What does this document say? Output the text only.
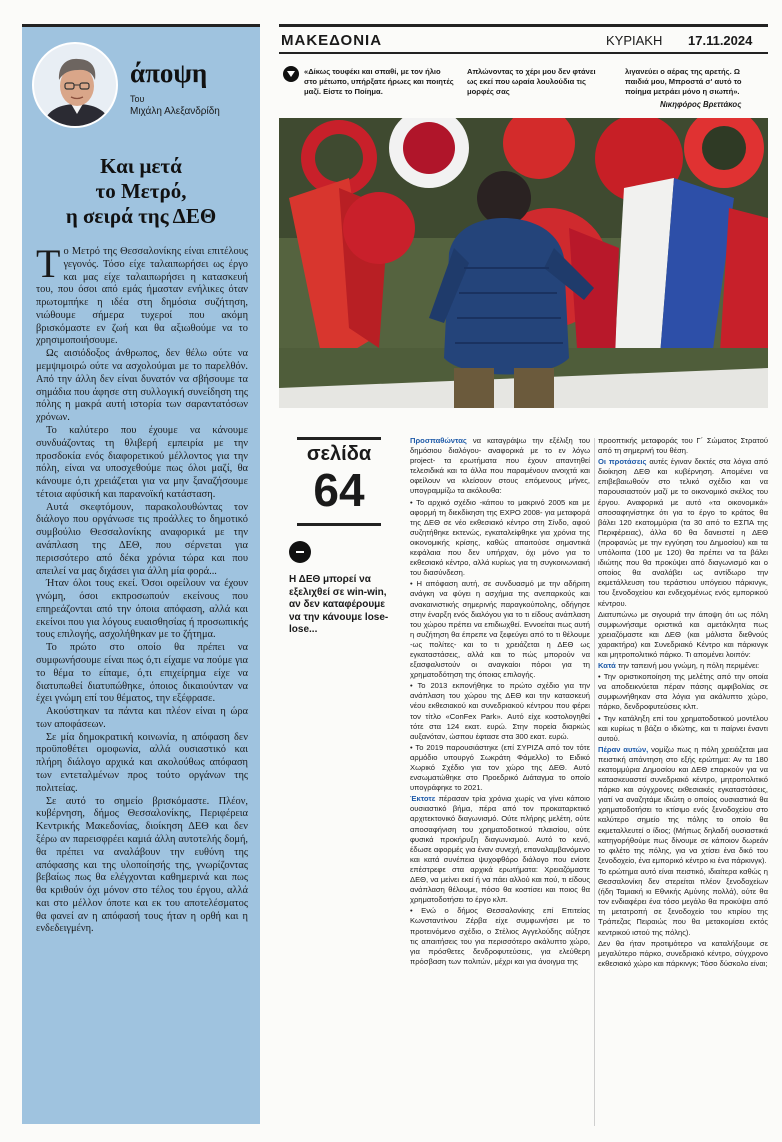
άποψη
Του
Μιχάλη Αλεξανδρίδη
Και μετά
το Μετρό,
η σειρά της ΔΕΘ

Το Μετρό της Θεσσαλονίκης είναι επιτέλους γεγονός. Τόσο είχε ταλαιπωρήσει ως έργο και μας είχε ταλαιπωρήσει η κατασκευή του, που όσοι από εμάς ήμασταν ενήλικες όταν πρωτομπήκε η ιδέα στη δημόσια συζήτηση, νιώθουμε σήμερα τυχεροί που ακόμη βρισκόμαστε εν ζωή και θα αξιωθούμε να το χρησιμοποιήσουμε.

Ως αισιόδοξος άνθρωπος, δεν θέλω ούτε να μεμψιμοιρώ ούτε να ασχολούμαι με το παρελθόν. Από την άλλη δεν είναι δυνατόν να σβήσουμε τα σημάδια που άφησε στη συλλογική συνείδηση της πόλης η μακρά αυτή ιστορία των σαραντατόσων χρόνων.

Το καλύτερο που έχουμε να κάνουμε συνδυάζοντας τη θλιβερή εμπειρία με την προσδοκία ενός διαφορετικού μέλλοντος για την πόλη, είναι να υποσχεθούμε πως όλοι μαζί, θα κάνουμε ό,τι χρειάζεται για να μην ξαναζήσουμε τέτοια αφύσική και παρανοϊκή κατάσταση.

Αυτά σκεφτόμουν, παρακολουθώντας τον διάλογο που οργάνωσε τις προάλλες το δημοτικό συμβούλιο Θεσσαλονίκης αναφορικά με την ανάπλαση της ΔΕΘ, που σέρνεται για περισσότερο από δέκα χρόνια τώρα και που απειλεί να μας διχάσει για άλλη μία φορά...

Ήταν όλοι τους εκεί. Όσοι οφείλουν να έχουν γνώμη, όσοι εκπροσωπούν εκείνους που επηρεάζονται από την όποια απόφαση, αλλά και εκείνοι που για λόγους ευαισθησίας ή προσωπικής τους επιλογής, ασχολήθηκαν με το ζήτημα.

Το πρώτο στο οποίο θα πρέπει να συμφωνήσουμε είναι πως ό,τι είχαμε να πούμε για το θέμα το είπαμε, ό,τι επιχείρημα είχε να διατυπωθεί διατυπώθηκε, όποιος δικαιούνταν να έχει γνώμη επί του θέματος, την εξέφρασε.

Ακούστηκαν τα πάντα και πλέον είναι η ώρα των αποφάσεων.

Σε μία δημοκρατική κοινωνία, η απόφαση δεν προϋποθέτει ομοφωνία, αλλά ουσιαστικό και πλήρη διάλογο αρχικά και ακολούθως απόφαση των εντεταλμένων προς τούτο οργάνων της πολιτείας.

Σε αυτό το σημείο βρισκόμαστε. Πλέον, κυβέρνηση, δήμος Θεσσαλονίκης, Περιφέρεια Κεντρικής Μακεδονίας, διοίκηση ΔΕΘ και δεν ξέρω αν παρεισφρέει καμιά άλλη αυτοτελής δομή, θα πρέπει να αναλάβουν την ευθύνη της απόφασης και της υλοποίησής της, γνωρίζοντας βεβαίως πως θα ελέγχονται καθημερινά και πως θα κριθούν όχι μόνον στο τέλος του έργου, αλλά και στο μέλλον όποτε και εκ του αποτελέσματος θα φανεί αν η απόφασή τους ήταν η ορθή και η ενδεδειγμένη.

ΜΑΚΕΔΟΝΙΑ	ΚΥΡΙΑΚΗ 17.11.2024
«Δίκως τουφέκι και σπαθί, με τον ήλιο στο μέτωπο, υπήρξατε ήρωες και ποιητές μαζί. Είστε το Ποίημα.
Απλώνοντας το χέρι μου δεν φτάνει ως εκεί που ωραία λουλούδια τις μορφές σας
λιγανεύει ο αέρας της αρετής. Ω παιδιά μου, Μπροστά σ' αυτό το ποίημα μετράει μόνο η σιωπή».
Νικηφόρος Βρεττάκος
σελίδα
64
Η ΔΕΘ μπορεί να εξελιχθεί σε win-win, αν δεν καταφέρουμε να την κάνουμε lose-lose...

Προσπαθώντας να καταγράψω την εξέλιξη του δημόσιου διαλόγου- αναφορικά με το εν λόγω project- τα ερωτήματα που έχουν απαντηθεί τελεσιδικά και τα άλλα που παραμένουν ανοιχτά και οφείλουν να κλείσουν στους επόμενους μήνες, υπογραμμίζω τα ακόλουθα:

• Το αρχικό σχέδιο -κάπου το μακρινό 2005 και με αφορμή τη διεκδίκηση της EXPO 2008- για μεταφορά της ΔΕΘ σε νέο εκθεσιακό κέντρο στη Σίνδο, αφού συζητήθηκε εκτενώς, εγκαταλείφθηκε για χρόνια της οικονομικής κρίσης, καθώς απαιτούσε σημαντικά κεφάλαια που δεν υπήρχαν, όχι μόνο για το εκθεσιακό κέντρο, αλλά κυρίως για τη συγκοινωνιακή του διασύνδεση.

• Η απόφαση αυτή, σε συνδυασμό με την αδήριτη ανάγκη να φύγει η ασχήμια της ανεπαρκούς και ανακαινιστικής σημερινής παραγκούπολης, οδήγησε στην έναρξη ενός διαλόγου για το τι είδους ανάπλαση του χώρου πρέπει να επιδιωχθεί. Εννοείται πως αυτή η συζήτηση θα έπρεπε να ξεφεύγει από το τι θέλουμε -ως πολίτες- και το τι χρειάζεται η ΔΕΘ ως εγκαταστάσεις, αλλά και το πώς μπορούν να εξασφαλιστούν οι αναγκαίοι πόροι για τη χρηματοδότηση της όποιας επιλογής.

• Το 2013 εκπονήθηκε το πρώτο σχέδιο για την ανάπλαση του χώρου της ΔΕΘ και την κατασκευή νέου εκθεσιακού και συνεδριακού κέντρου που φέρει τον τίτλο «ConFex Park». Αυτό είχε κοστολογηθεί τότε στα 124 εκατ. ευρώ. Στην πορεία διαρκώς αυξανόταν, ώσπου έφτασε στα 300 εκατ. ευρώ.

• Το 2019 παρουσιάστηκε (επί ΣΥΡΙΖΑ από τον τότε αρμόδιο υπουργό Σωκράτη Φάμελλο) το Ειδικό Χωρικό Σχέδιο για τον χώρο της ΔΕΘ. Αυτό ενσωματώθηκε στο Προεδρικό Διάταγμα το οποίο υπογράφηκε το 2021.

Έκτοτε πέρασαν τρία χρόνια χωρίς να γίνει κάποιο ουσιαστικό βήμα, πέρα από τον προκαταρκτικό αρχιτεκτονικό διαγωνισμό. Ούτε πλήρης μελέτη, ούτε αποσαφήνιση του χρηματοδοτικού πλαισίου, ούτε φυσικά προκήρυξη διαγωνισμού. Αυτό το κενό, έδωσε αφορμές για έναν συνεχή, επαναλαμβανόμενο και κατά συνέπεια ψυχοφθόρο διάλογο που ενίοτε επέστρεφε στα αρχικά ερωτήματα: Χρειαζόμαστε ΔΕΘ, να μείνει εκεί ή να πάει αλλού και πού, τι είδους ανάπλαση θέλουμε, πόσο θα κοστίσει και ποιος θα χρηματοδοτήσει το έργο κλπ.

• Ενώ ο δήμος Θεσσαλονίκης επί Επιτείας Κωνσταντίνου Ζέρβα είχε συμφωνήσει με το προτεινόμενο σχέδιο, ο Στέλιος Αγγελούδης αύξησε τις απαιτήσεις του για περισσότερο ακάλυπτο χώρο, για πρόσθετες δενδροφυτεύσεις, για ελεύθερη πρόσβαση των πολιτών, μέχρι και για άνοιγμα της

προοπτικής μεταφοράς του Γ΄ Σώματος Στρατού από τη σημερινή του θέση.

Οι προτάσεις αυτές έγιναν δεκτές στα λόγια από διοίκηση ΔΕΘ και κυβέρνηση. Απομένει να επιβεβαιωθούν στο τελικό σχέδιο και να παρουσιαστούν μαζί με το οικονομικό σκέλος του έργου. Αναφορικά με αυτό «τα οικονομικά» αποσαφηνίστηκε ότι για το έργο το κράτος θα βάλει 120 εκατομμύρια (τα 30 από το ΕΣΠΑ της Περιφέρειας), άλλα 60 θα δανειστεί η ΔΕΘ (προφανώς με την εγγύηση του Δημοσίου) και τα υπόλοιπα (100 με 120) θα πρέπει να τα βάλει ιδιώτης που θα προκύψει από διαγωνισμό και ο οποίος θα αναλάβει ως αντίδωρο την εκμετάλλευση του τεράστιου υπόγειου πάρκινγκ, του ξενοδοχείου και ενδεχομένως ενός εμπορικού κέντρου.

Διατυπώνω με σιγουριά την άποψη ότι ως πόλη συμφωνήσαμε οριστικά και αμετάκλητα πως χρειαζόμαστε και ΔΕΘ (και μάλιστα διεθνούς χαρακτήρα) και Συνεδριακό Κέντρο και πάρκινγκ και μητροπολιτικό πάρκο. Τι απομένει λοιπόν:

Κατά την ταπεινή μου γνώμη, η πόλη περιμένει:

• Την οριστικοποίηση της μελέτης από την οποία να αποδεικνύεται πέραν πάσης αμφιβολίας σε συμφωνήθηκαν στα λόγια για ακάλυπτο χώρο, πάρκο, δενδροφυτεύσεις κλπ.

• Την κατάληξη επί του χρηματοδοτικού μοντέλου και κυρίως τι βάζει ο ιδιώτης, και τι παίρνει έναντι αυτού.

Πέραν αυτών, νομίζω πως η πόλη χρειάζεται μια πειστική απάντηση στο εξής ερώτημα: Αν τα 180 εκατομμύρια Δημοσίου και ΔΕΘ επαρκούν για να κατασκευαστεί συνεδριακό κέντρο, μητροπολιτικό πάρκο και σύγχρονες εκθεσιακές εγκαταστάσεις, γιατί να αναζητάμε ιδιώτη ο οποίος ουσιαστικά θα χρηματοδοτήσει το κτίσιμο ενός ξενοδοχείου στο καλύτερο σημείο της πόλης το οποίο θα εκμεταλλευτεί ο ίδιος; (Μήπως δηλαδή ουσιαστικά κατηγορήθούμε πως δίνουμε σε κάποιον δωρεάν το φιλέτο της πόλης, για να χτίσει ένα δικό του ξενοδοχείο, ένα εμπορικό κέντρο κι ένα πάρκινγκ).

Το ερώτημα αυτό είναι πειστικό, ιδιαίτερα καθώς η Θεσσαλονίκη δεν στερείται πλέον ξενοδοχείων (ήδη Ταμιακή κι Εθνικής Αμύνης πολλά), ούτε θα τον ενδιαφέρει ένα τόσο μεγάλο θα προκύψει από τη μετατροπή σε ξενοδοχείο του κτιρίου της Τράπεζας Πειραιώς που θα μετακομίσει εκτός κεντρικού ιστού της πόλης).

Δεν θα ήταν προτιμότερο να καταλήξουμε σε μεγαλύτερο πάρκο, συνεδριακό κέντρο, σύγχρονο εκθεσιακό χώρο και πάρκινγκ; Τόσο δύσκολο είναι;
